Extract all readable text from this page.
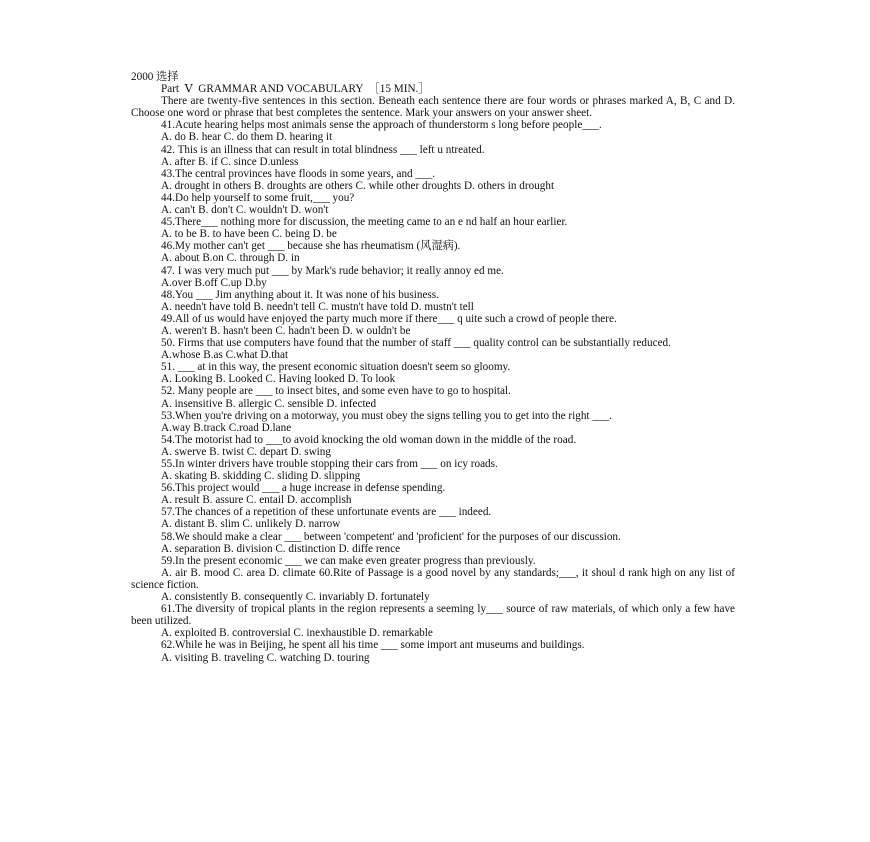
2000 选择

Part  Ⅴ  GRAMMAR AND VOCABULARY  ［15 MIN.］

There are twenty-five sentences in this section. Beneath each sentence there are four words or phrases marked A, B, C and D. Choose one word or phrase that best completes the sentence. Mark your answers on your answer sheet.

41.Acute hearing helps most animals sense the approach of thunderstorm s long before people___.

A. do B. hear C. do them D. hearing it

42. This is an illness that can result in total blindness ___ left u ntreated.

A. after B. if C. since D.unless

43.The central provinces have floods in some years, and ___.

A. drought in others B. droughts are others C. while other droughts D. others in drought

44.Do help yourself to some fruit,___ you?

A. can't B. don't C. wouldn't D. won't

45.There___ nothing more for discussion, the meeting came to an e nd half an hour earlier.

A. to be B. to have been C. being D. be

46.My mother can't get ___ because she has rheumatism (风湿病).

A. about B.on C. through D. in

47. I was very much put ___ by Mark's rude behavior; it really annoy ed me.

A.over B.off C.up D.by

48.You ___ Jim anything about it. It was none of his business.

A. needn't have told B. needn't tell C. mustn't have told D. mustn't tell

49.All of us would have enjoyed the party much more if there___ q uite such a crowd of people there.

A. weren't B. hasn't been C. hadn't been D. w ouldn't be

50. Firms that use computers have found that the number of staff ___ quality control can be substantially reduced.

A.whose B.as C.what D.that

51. ___ at in this way, the present economic situation doesn't seem so gloomy.

A. Looking B. Looked C. Having looked D. To look

52. Many people are ___ to insect bites, and some even have to go to hospital.

A. insensitive B. allergic C. sensible D. infected

53.When you're driving on a motorway, you must obey the signs telling you to get into the right ___.

A.way B.track C.road D.lane

54.The motorist had to ___to avoid knocking the old woman down in the middle of the road.

A. swerve B. twist C. depart D. swing

55.In winter drivers have trouble stopping their cars from ___ on icy roads.

A. skating B. skidding C. sliding D. slipping

56.This project would ___ a huge increase in defense spending.

A. result B. assure C. entail D. accomplish

57.The chances of a repetition of these unfortunate events are ___ indeed.

A. distant B. slim C. unlikely D. narrow

58.We should make a clear ___ between 'competent' and 'proficient' for the purposes of our discussion.

A. separation B. division C. distinction D. diffe rence

59.In the present economic ___ we can make even greater progress than previously.

A. air B. mood C. area D. climate 60.Rite of Passage is a good novel by any standards;___, it shoul d rank high on any list of science fiction.

A. consistently B. consequently C. invariably D. fortunately

61.The diversity of tropical plants in the region represents a seeming ly___ source of raw materials, of which only a few have been utilized.

A. exploited B. controversial C. inexhaustible D. remarkable

62.While he was in Beijing, he spent all his time ___ some import ant museums and buildings.

A. visiting B. traveling C. watching D. touring
